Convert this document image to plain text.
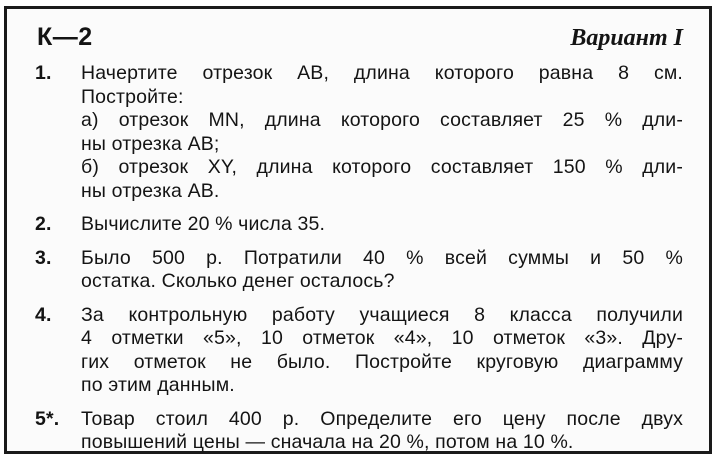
К—2	Вариант I
1. Начертите отрезок AB, длина которого равна 8 см.
Постройте:
а) отрезок MN, длина которого составляет 25 % дли-
ны отрезка AB;
б) отрезок XY, длина которого составляет 150 % дли-
ны отрезка AB.
2. Вычислите 20 % числа 35.
3. Было 500 р. Потратили 40 % всей суммы и 50 %
остатка. Сколько денег осталось?
4. За контрольную работу учащиеся 8 класса получили
4 отметки «5», 10 отметок «4», 10 отметок «3». Дру-
гих отметок не было. Постройте круговую диаграмму
по этим данным.
5*. Товар стоил 400 р. Определите его цену после двух
повышений цены — сначала на 20 %, потом на 10 %.
